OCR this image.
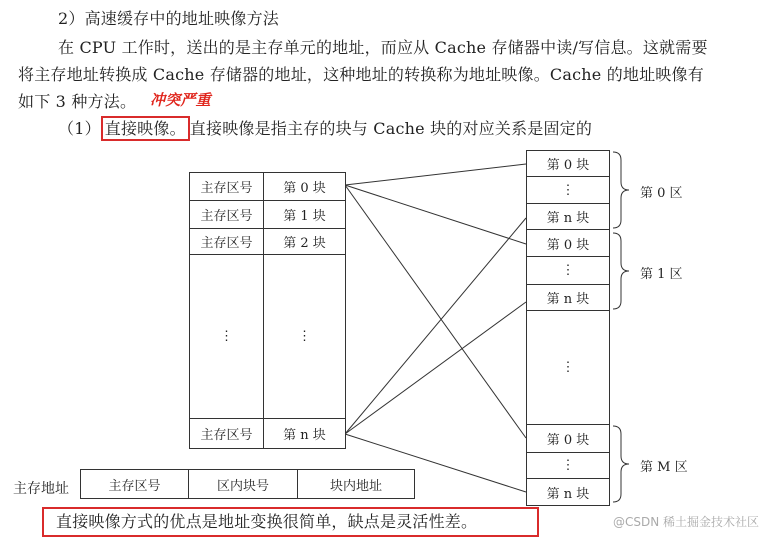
2）高速缓存中的地址映像方法
在 CPU 工作时，送出的是主存单元的地址，而应从 Cache 存储器中读/写信息。这就需要
将主存地址转换成 Cache 存储器的地址，这种地址的转换称为地址映像。Cache 的地址映像有
如下 3 种方法。 冲突严重
（1） 直接映像。 直接映像是指主存的块与 Cache 块的对应关系是固定的
主存区号	第 0 块
主存区号	第 1 块
主存区号	第 2 块
⋮	⋮
主存区号	第 n 块
第 0 块
⋮
第 n 块
第 0 块
⋮
第 n 块
⋮
第 0 块
⋮
第 n 块
第 0 区
第 1 区
第 M 区
主存地址	主存区号	区内块号	块内地址
直接映像方式的优点是地址变换很简单，缺点是灵活性差。	@CSDN 稀土掘金技术社区
